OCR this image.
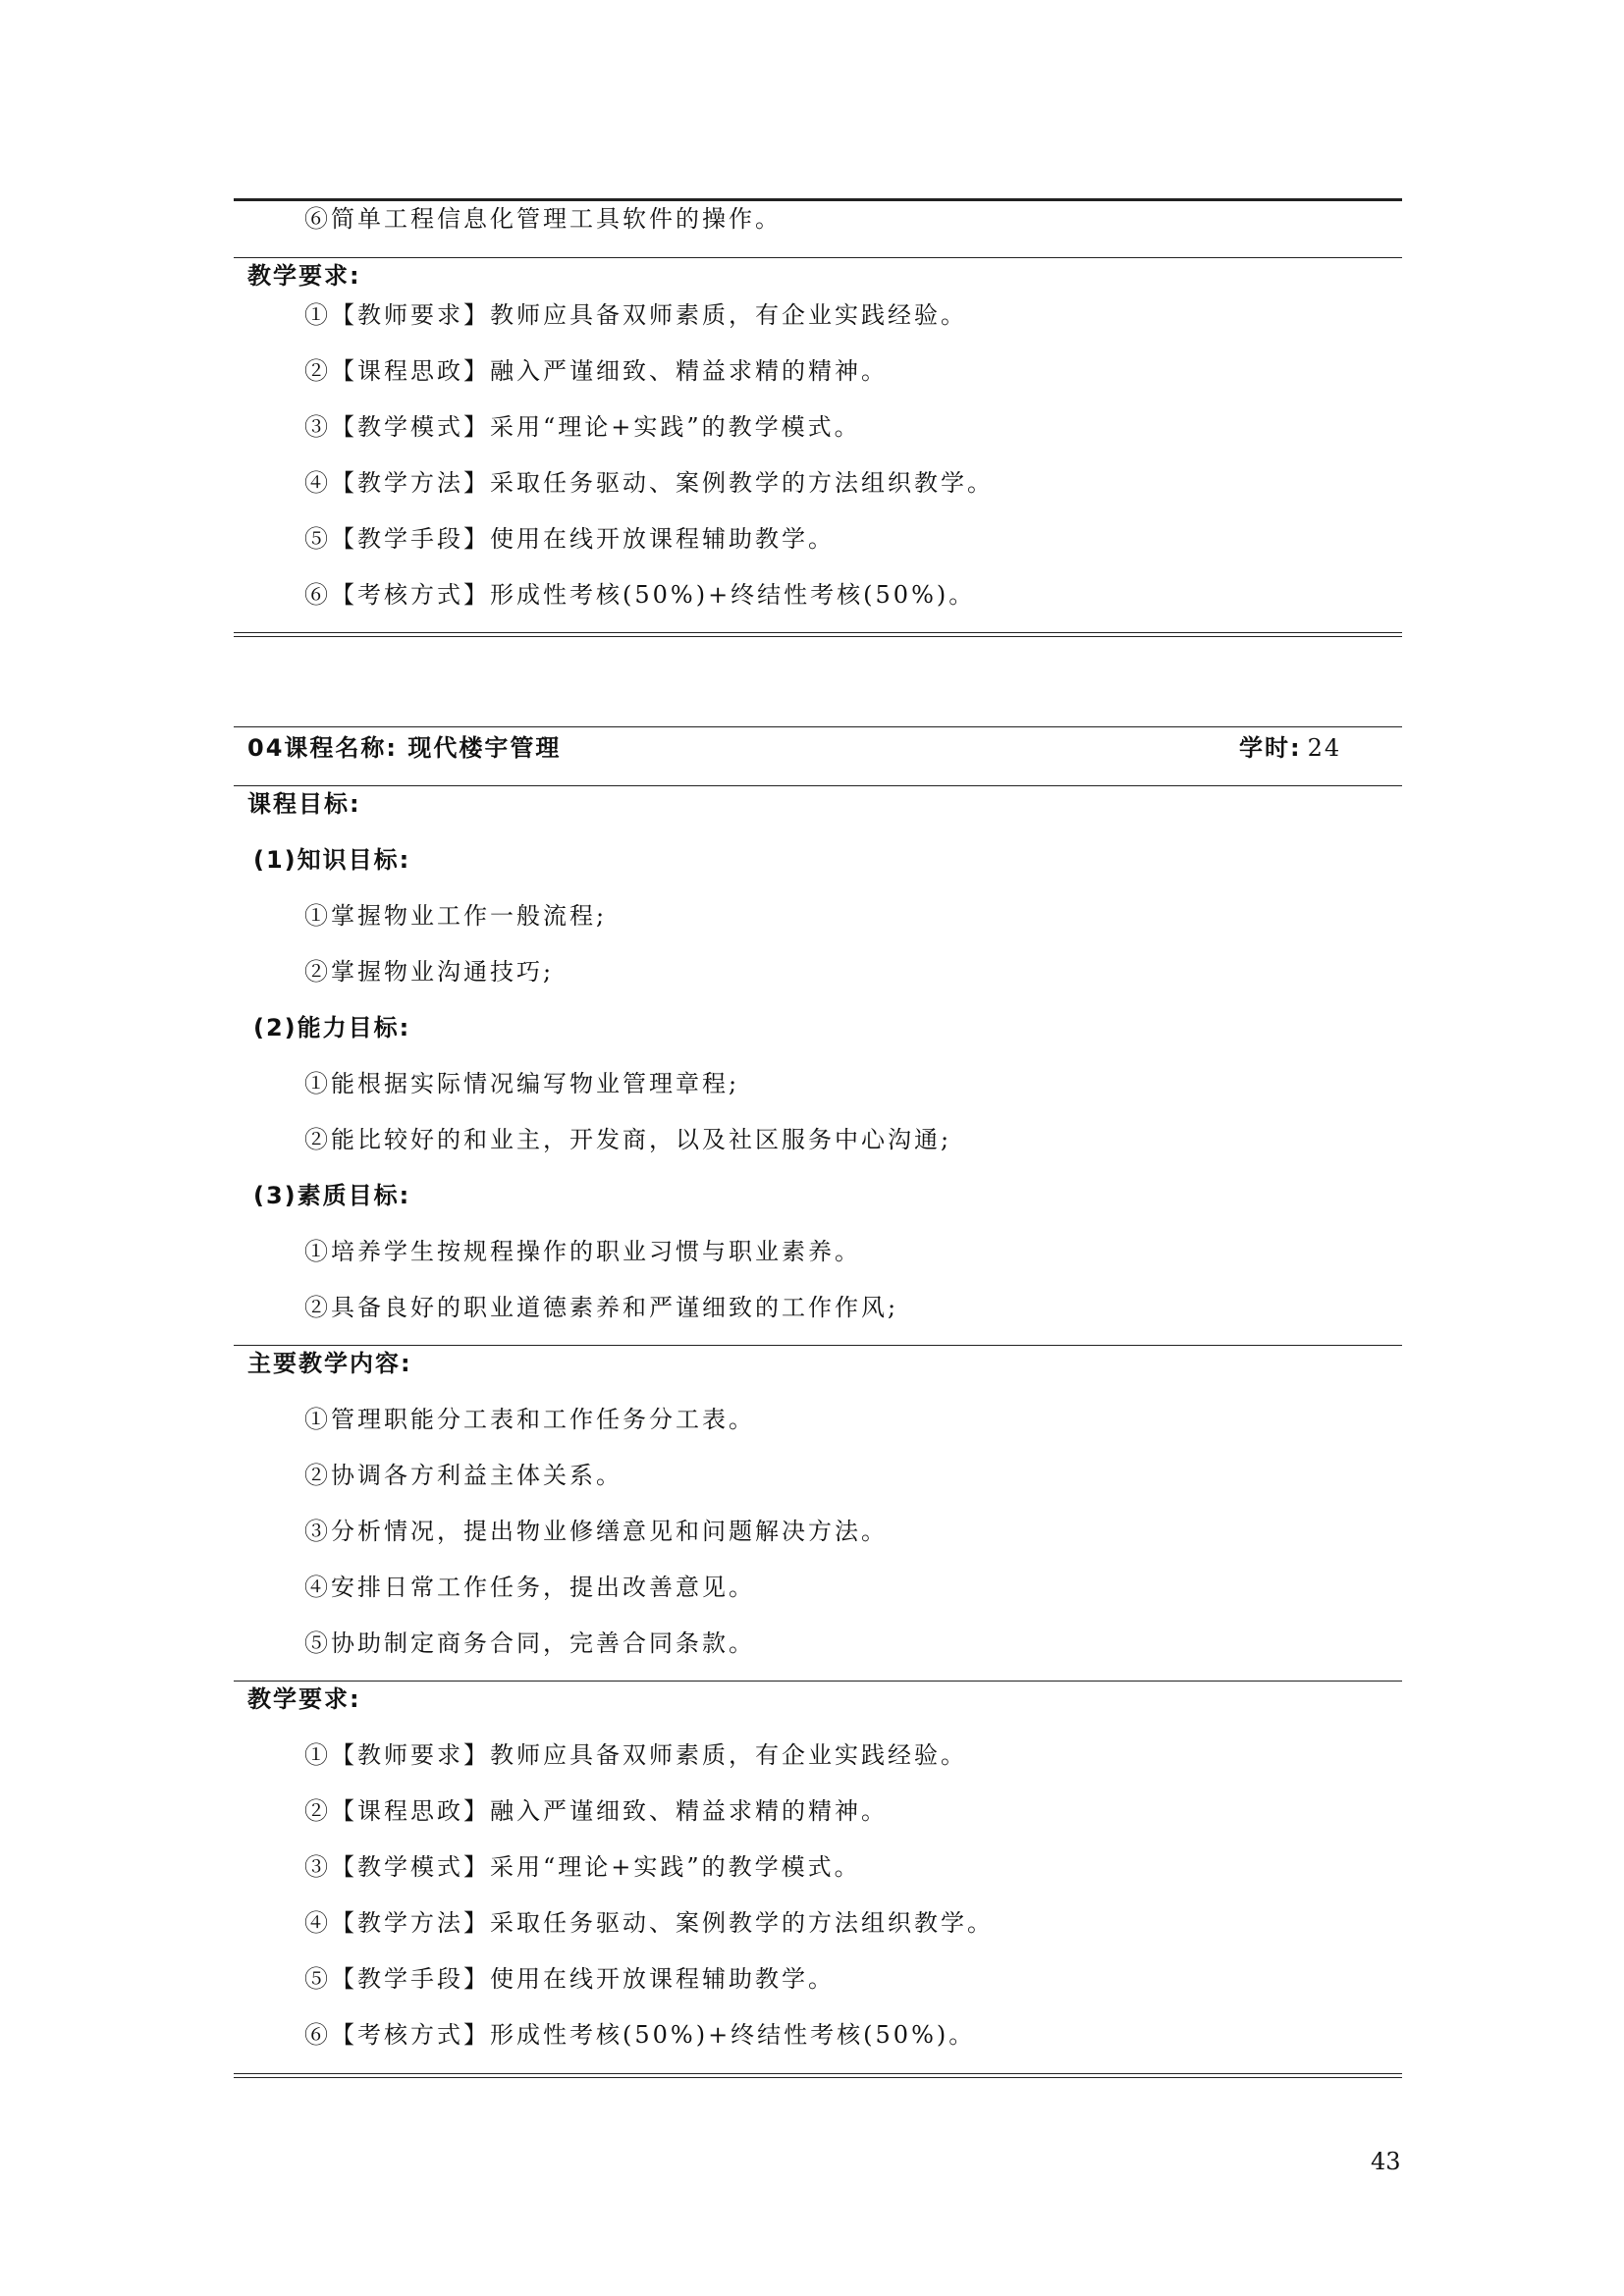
⑥简单工程信息化管理工具软件的操作。
教学要求:
①【教师要求】教师应具备双师素质，有企业实践经验。
②【课程思政】融入严谨细致、精益求精的精神。
③【教学模式】采用“理论+实践”的教学模式。
④【教学方法】采取任务驱动、案例教学的方法组织教学。
⑤【教学手段】使用在线开放课程辅助教学。
⑥【考核方式】形成性考核(50%)+终结性考核(50%)。
04课程名称: 现代楼宇管理	学时: 24
课程目标:
(1)知识目标:
①掌握物业工作一般流程;
②掌握物业沟通技巧;
(2)能力目标:
①能根据实际情况编写物业管理章程;
②能比较好的和业主，开发商，以及社区服务中心沟通;
(3)素质目标:
①培养学生按规程操作的职业习惯与职业素养。
②具备良好的职业道德素养和严谨细致的工作作风;
主要教学内容:
①管理职能分工表和工作任务分工表。
②协调各方利益主体关系。
③分析情况，提出物业修缮意见和问题解决方法。
④安排日常工作任务，提出改善意见。
⑤协助制定商务合同，完善合同条款。
教学要求:
①【教师要求】教师应具备双师素质，有企业实践经验。
②【课程思政】融入严谨细致、精益求精的精神。
③【教学模式】采用“理论+实践”的教学模式。
④【教学方法】采取任务驱动、案例教学的方法组织教学。
⑤【教学手段】使用在线开放课程辅助教学。
⑥【考核方式】形成性考核(50%)+终结性考核(50%)。
43
